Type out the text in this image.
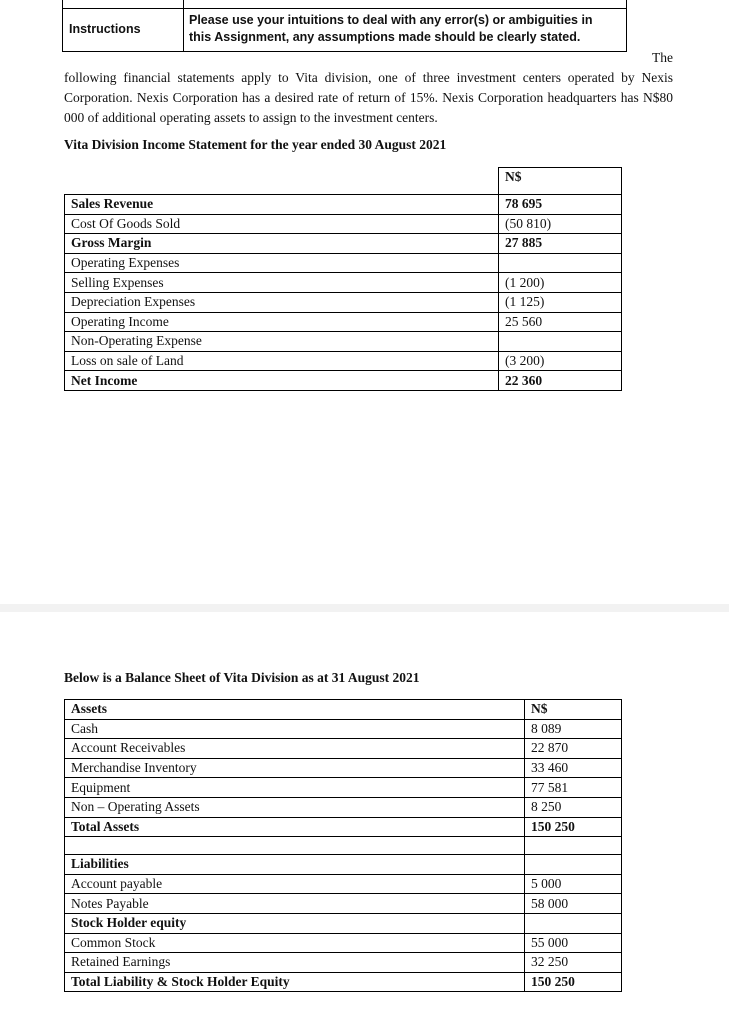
Instructions
Please use your intuitions to deal with any error(s) or ambiguities in
this Assignment, any assumptions made should be clearly stated.
The
following financial statements apply to Vita division, one of three investment centers operated by Nexis Corporation. Nexis Corporation has a desired rate of return of 15%. Nexis Corporation headquarters has N$80 000 of additional operating assets to assign to the investment centers.
Vita Division Income Statement for the year ended 30 August 2021
	N$
Sales Revenue	78 695
Cost Of Goods Sold	(50 810)
Gross Margin	27 885
Operating Expenses	
Selling Expenses	(1 200)
Depreciation Expenses	(1 125)
Operating Income	25 560
Non-Operating Expense	
Loss on sale of Land	(3 200)
Net Income	22 360
Below is a Balance Sheet of Vita Division as at 31 August 2021
Assets	N$
Cash	8 089
Account Receivables	22 870
Merchandise Inventory	33 460
Equipment	77 581
Non – Operating Assets	8 250
Total Assets	150 250

Liabilities	
Account payable	5 000
Notes Payable	58 000
Stock Holder equity	
Common Stock	55 000
Retained Earnings	32 250
Total Liability & Stock Holder Equity	150 250
